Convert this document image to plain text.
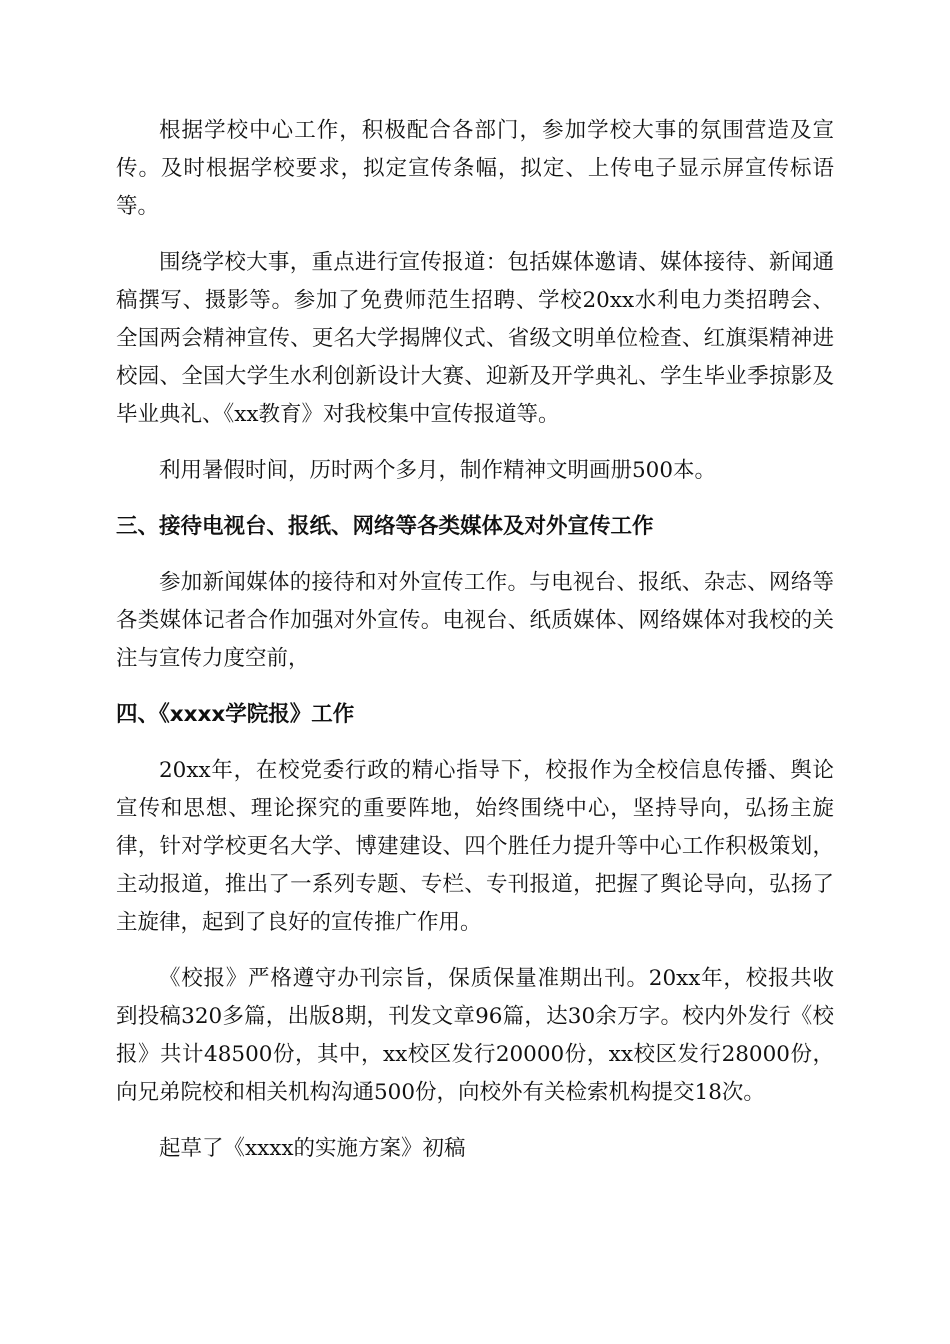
根据学校中心工作，积极配合各部门，参加学校大事的氛围营造及宣传。及时根据学校要求，拟定宣传条幅，拟定、上传电子显示屏宣传标语等。

围绕学校大事，重点进行宣传报道：包括媒体邀请、媒体接待、新闻通稿撰写、摄影等。参加了免费师范生招聘、学校20xx水利电力类招聘会、全国两会精神宣传、更名大学揭牌仪式、省级文明单位检查、红旗渠精神进校园、全国大学生水利创新设计大赛、迎新及开学典礼、学生毕业季掠影及毕业典礼、《xx教育》对我校集中宣传报道等。

利用暑假时间，历时两个多月，制作精神文明画册500本。

三、接待电视台、报纸、网络等各类媒体及对外宣传工作

参加新闻媒体的接待和对外宣传工作。与电视台、报纸、杂志、网络等各类媒体记者合作加强对外宣传。电视台、纸质媒体、网络媒体对我校的关注与宣传力度空前，

四、《xxxx学院报》工作

20xx年，在校党委行政的精心指导下，校报作为全校信息传播、舆论宣传和思想、理论探究的重要阵地，始终围绕中心，坚持导向，弘扬主旋律，针对学校更名大学、博建建设、四个胜任力提升等中心工作积极策划，主动报道，推出了一系列专题、专栏、专刊报道，把握了舆论导向，弘扬了主旋律，起到了良好的宣传推广作用。

《校报》严格遵守办刊宗旨，保质保量准期出刊。20xx年，校报共收到投稿320多篇，出版8期，刊发文章96篇，达30余万字。校内外发行《校报》共计48500份，其中，xx校区发行20000份，xx校区发行28000份，向兄弟院校和相关机构沟通500份，向校外有关检索机构提交18次。

起草了《xxxx的实施方案》初稿
